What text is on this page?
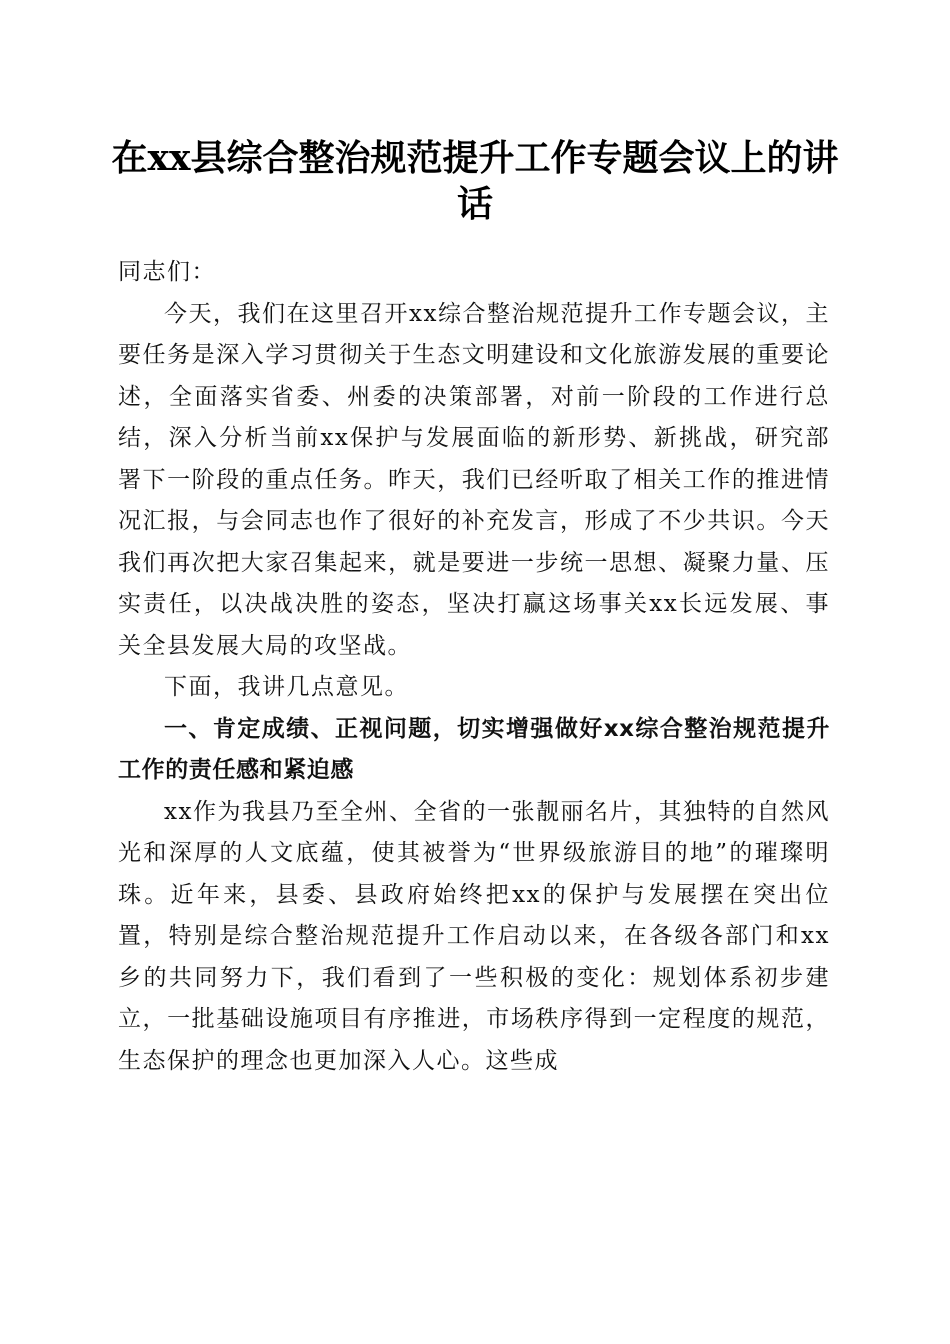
在xx县综合整治规范提升工作专题会议上的讲话

同志们：

今天，我们在这里召开xx综合整治规范提升工作专题会议，主要任务是深入学习贯彻关于生态文明建设和文化旅游发展的重要论述，全面落实省委、州委的决策部署，对前一阶段的工作进行总结，深入分析当前xx保护与发展面临的新形势、新挑战，研究部署下一阶段的重点任务。昨天，我们已经听取了相关工作的推进情况汇报，与会同志也作了很好的补充发言，形成了不少共识。今天我们再次把大家召集起来，就是要进一步统一思想、凝聚力量、压实责任，以决战决胜的姿态，坚决打赢这场事关xx长远发展、事关全县发展大局的攻坚战。

下面，我讲几点意见。

一、肯定成绩、正视问题，切实增强做好xx综合整治规范提升工作的责任感和紧迫感

xx作为我县乃至全州、全省的一张靓丽名片，其独特的自然风光和深厚的人文底蕴，使其被誉为“世界级旅游目的地”的璀璨明珠。近年来，县委、县政府始终把xx的保护与发展摆在突出位置，特别是综合整治规范提升工作启动以来，在各级各部门和xx乡的共同努力下，我们看到了一些积极的变化：规划体系初步建立，一批基础设施项目有序推进，市场秩序得到一定程度的规范，生态保护的理念也更加深入人心。这些成
